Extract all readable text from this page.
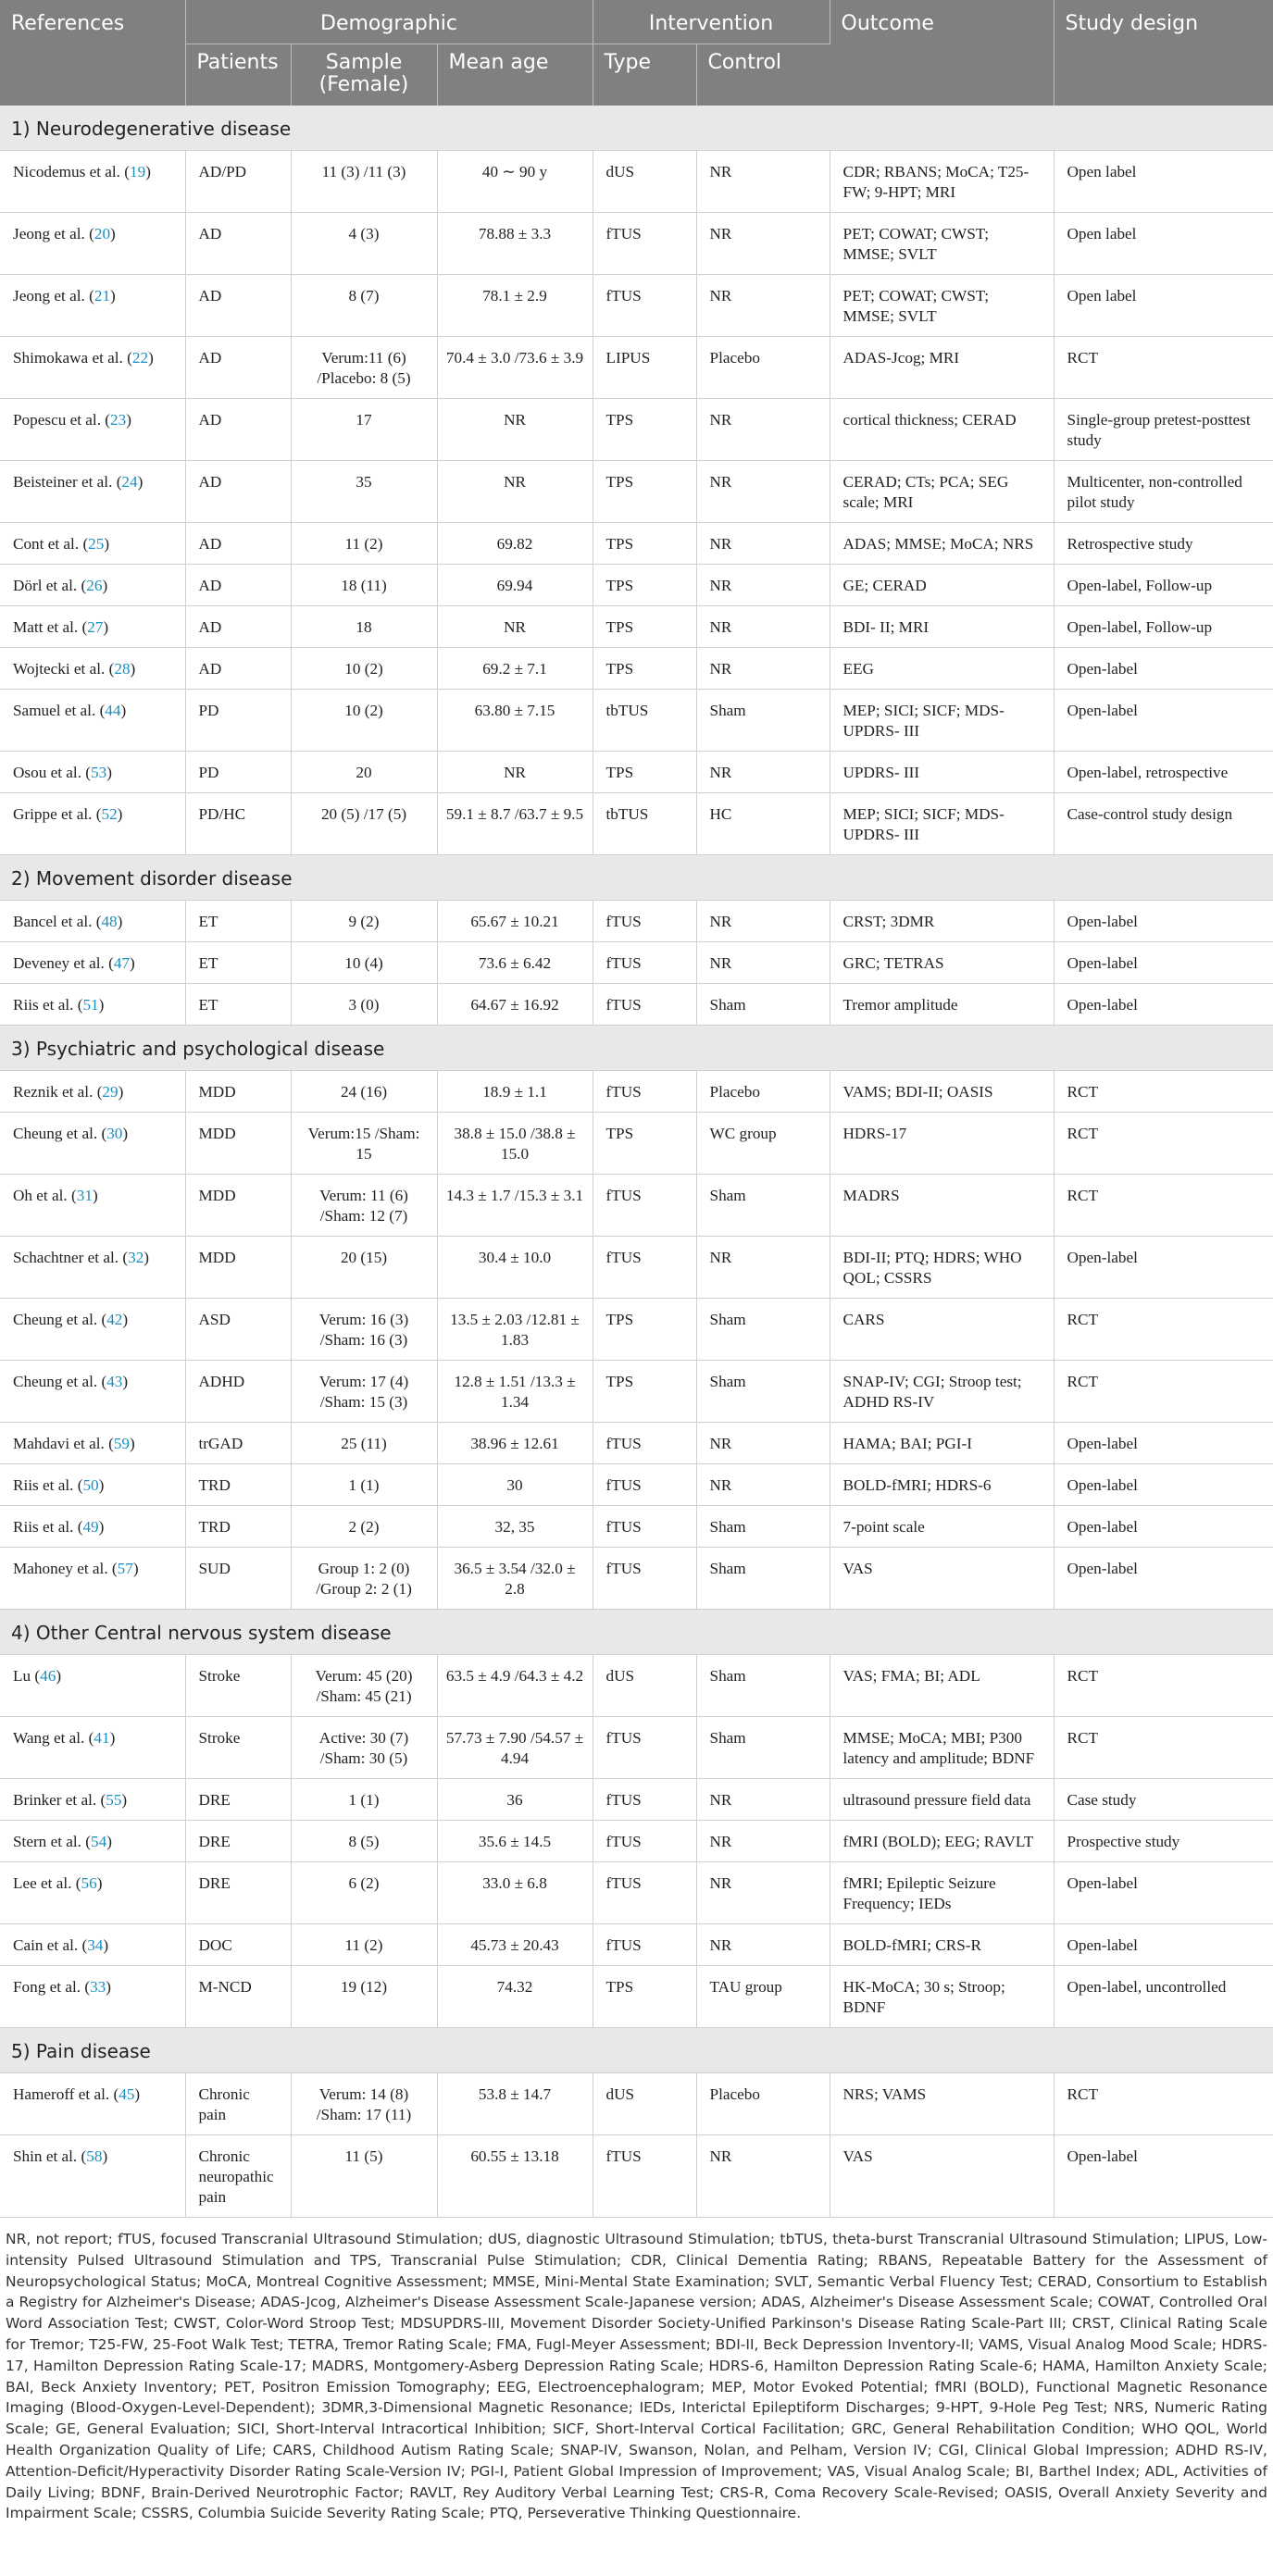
References	Demographic			Intervention		Outcome	Study design
	Patients	Sample (Female)	Mean age	Type	Control		
1) Neurodegenerative disease							
Nicodemus et al. (19)	AD/PD	11 (3) /11 (3)	40 ∼ 90 y	dUS	NR	CDR; RBANS; MoCA; T25-FW; 9-HPT; MRI	Open label
Jeong et al. (20)	AD	4 (3)	78.88 ± 3.3	fTUS	NR	PET; COWAT; CWST; MMSE; SVLT	Open label
Jeong et al. (21)	AD	8 (7)	78.1 ± 2.9	fTUS	NR	PET; COWAT; CWST; MMSE; SVLT	Open label
Shimokawa et al. (22)	AD	Verum:11 (6) /Placebo: 8 (5)	70.4 ± 3.0 /73.6 ± 3.9	LIPUS	Placebo	ADAS-Jcog; MRI	RCT
Popescu et al. (23)	AD	17	NR	TPS	NR	cortical thickness; CERAD	Single-group pretest-posttest study
Beisteiner et al. (24)	AD	35	NR	TPS	NR	CERAD; CTs; PCA; SEG scale; MRI	Multicenter, non-controlled pilot study
Cont et al. (25)	AD	11 (2)	69.82	TPS	NR	ADAS; MMSE; MoCA; NRS	Retrospective study
Dörl et al. (26)	AD	18 (11)	69.94	TPS	NR	GE; CERAD	Open-label, Follow-up
Matt et al. (27)	AD	18	NR	TPS	NR	BDI- II; MRI	Open-label, Follow-up
Wojtecki et al. (28)	AD	10 (2)	69.2 ± 7.1	TPS	NR	EEG	Open-label
Samuel et al. (44)	PD	10 (2)	63.80 ± 7.15	tbTUS	Sham	MEP; SICI; SICF; MDS-UPDRS- III	Open-label
Osou et al. (53)	PD	20	NR	TPS	NR	UPDRS- III	Open-label, retrospective
Grippe et al. (52)	PD/HC	20 (5) /17 (5)	59.1 ± 8.7 /63.7 ± 9.5	tbTUS	HC	MEP; SICI; SICF; MDS-UPDRS- III	Case-control study design
2) Movement disorder disease							
Bancel et al. (48)	ET	9 (2)	65.67 ± 10.21	fTUS	NR	CRST; 3DMR	Open-label
Deveney et al. (47)	ET	10 (4)	73.6 ± 6.42	fTUS	NR	GRC; TETRAS	Open-label
Riis et al. (51)	ET	3 (0)	64.67 ± 16.92	fTUS	Sham	Tremor amplitude	Open-label
3) Psychiatric and psychological disease							
Reznik et al. (29)	MDD	24 (16)	18.9 ± 1.1	fTUS	Placebo	VAMS; BDI-II; OASIS	RCT
Cheung et al. (30)	MDD	Verum:15 /Sham: 15	38.8 ± 15.0 /38.8 ± 15.0	TPS	WC group	HDRS-17	RCT
Oh et al. (31)	MDD	Verum: 11 (6) /Sham: 12 (7)	14.3 ± 1.7 /15.3 ± 3.1	fTUS	Sham	MADRS	RCT
Schachtner et al. (32)	MDD	20 (15)	30.4 ± 10.0	fTUS	NR	BDI-II; PTQ; HDRS; WHO QOL; CSSRS	Open-label
Cheung et al. (42)	ASD	Verum: 16 (3) /Sham: 16 (3)	13.5 ± 2.03 /12.81 ± 1.83	TPS	Sham	CARS	RCT
Cheung et al. (43)	ADHD	Verum: 17 (4) /Sham: 15 (3)	12.8 ± 1.51 /13.3 ± 1.34	TPS	Sham	SNAP-IV; CGI; Stroop test; ADHD RS-IV	RCT
Mahdavi et al. (59)	trGAD	25 (11)	38.96 ± 12.61	fTUS	NR	HAMA; BAI; PGI-I	Open-label
Riis et al. (50)	TRD	1 (1)	30	fTUS	NR	BOLD-fMRI; HDRS-6	Open-label
Riis et al. (49)	TRD	2 (2)	32, 35	fTUS	Sham	7-point scale	Open-label
Mahoney et al. (57)	SUD	Group 1: 2 (0) /Group 2: 2 (1)	36.5 ± 3.54 /32.0 ± 2.8	fTUS	Sham	VAS	Open-label
4) Other Central nervous system disease							
Lu (46)	Stroke	Verum: 45 (20) /Sham: 45 (21)	63.5 ± 4.9 /64.3 ± 4.2	dUS	Sham	VAS; FMA; BI; ADL	RCT
Wang et al. (41)	Stroke	Active: 30 (7) /Sham: 30 (5)	57.73 ± 7.90 /54.57 ± 4.94	fTUS	Sham	MMSE; MoCA; MBI; P300 latency and amplitude; BDNF	RCT
Brinker et al. (55)	DRE	1 (1)	36	fTUS	NR	ultrasound pressure field data	Case study
Stern et al. (54)	DRE	8 (5)	35.6 ± 14.5	fTUS	NR	fMRI (BOLD); EEG; RAVLT	Prospective study
Lee et al. (56)	DRE	6 (2)	33.0 ± 6.8	fTUS	NR	fMRI; Epileptic Seizure Frequency; IEDs	Open-label
Cain et al. (34)	DOC	11 (2)	45.73 ± 20.43	fTUS	NR	BOLD-fMRI; CRS-R	Open-label
Fong et al. (33)	M-NCD	19 (12)	74.32	TPS	TAU group	HK-MoCA; 30 s; Stroop; BDNF	Open-label, uncontrolled
5) Pain disease							
Hameroff et al. (45)	Chronic pain	Verum: 14 (8) /Sham: 17 (11)	53.8 ± 14.7	dUS	Placebo	NRS; VAMS	RCT
Shin et al. (58)	Chronic neuropathic pain	11 (5)	60.55 ± 13.18	fTUS	NR	VAS	Open-label
NR, not report; fTUS, focused Transcranial Ultrasound Stimulation; dUS, diagnostic Ultrasound Stimulation; tbTUS, theta-burst Transcranial Ultrasound Stimulation; LIPUS, Low-intensity Pulsed Ultrasound Stimulation and TPS, Transcranial Pulse Stimulation; CDR, Clinical Dementia Rating; RBANS, Repeatable Battery for the Assessment of Neuropsychological Status; MoCA, Montreal Cognitive Assessment; MMSE, Mini-Mental State Examination; SVLT, Semantic Verbal Fluency Test; CERAD, Consortium to Establish a Registry for Alzheimer's Disease; ADAS-Jcog, Alzheimer's Disease Assessment Scale-Japanese version; ADAS, Alzheimer's Disease Assessment Scale; COWAT, Controlled Oral Word Association Test; CWST, Color-Word Stroop Test; MDSUPDRS-III, Movement Disorder Society-Unified Parkinson's Disease Rating Scale-Part III; CRST, Clinical Rating Scale for Tremor; T25-FW, 25-Foot Walk Test; TETRA, Tremor Rating Scale; FMA, Fugl-Meyer Assessment; BDI-II, Beck Depression Inventory-II; VAMS, Visual Analog Mood Scale; HDRS-17, Hamilton Depression Rating Scale-17; MADRS, Montgomery-Asberg Depression Rating Scale; HDRS-6, Hamilton Depression Rating Scale-6; HAMA, Hamilton Anxiety Scale; BAI, Beck Anxiety Inventory; PET, Positron Emission Tomography; EEG, Electroencephalogram; MEP, Motor Evoked Potential; fMRI (BOLD), Functional Magnetic Resonance Imaging (Blood-Oxygen-Level-Dependent); 3DMR,3-Dimensional Magnetic Resonance; IEDs, Interictal Epileptiform Discharges; 9-HPT, 9-Hole Peg Test; NRS, Numeric Rating Scale; GE, General Evaluation; SICI, Short-Interval Intracortical Inhibition; SICF, Short-Interval Cortical Facilitation; GRC, General Rehabilitation Condition; WHO QOL, World Health Organization Quality of Life; CARS, Childhood Autism Rating Scale; SNAP-IV, Swanson, Nolan, and Pelham, Version IV; CGI, Clinical Global Impression; ADHD RS-IV, Attention-Deficit/Hyperactivity Disorder Rating Scale-Version IV; PGI-I, Patient Global Impression of Improvement; VAS, Visual Analog Scale; BI, Barthel Index; ADL, Activities of Daily Living; BDNF, Brain-Derived Neurotrophic Factor; RAVLT, Rey Auditory Verbal Learning Test; CRS-R, Coma Recovery Scale-Revised; OASIS, Overall Anxiety Severity and Impairment Scale; CSSRS, Columbia Suicide Severity Rating Scale; PTQ, Perseverative Thinking Questionnaire.
